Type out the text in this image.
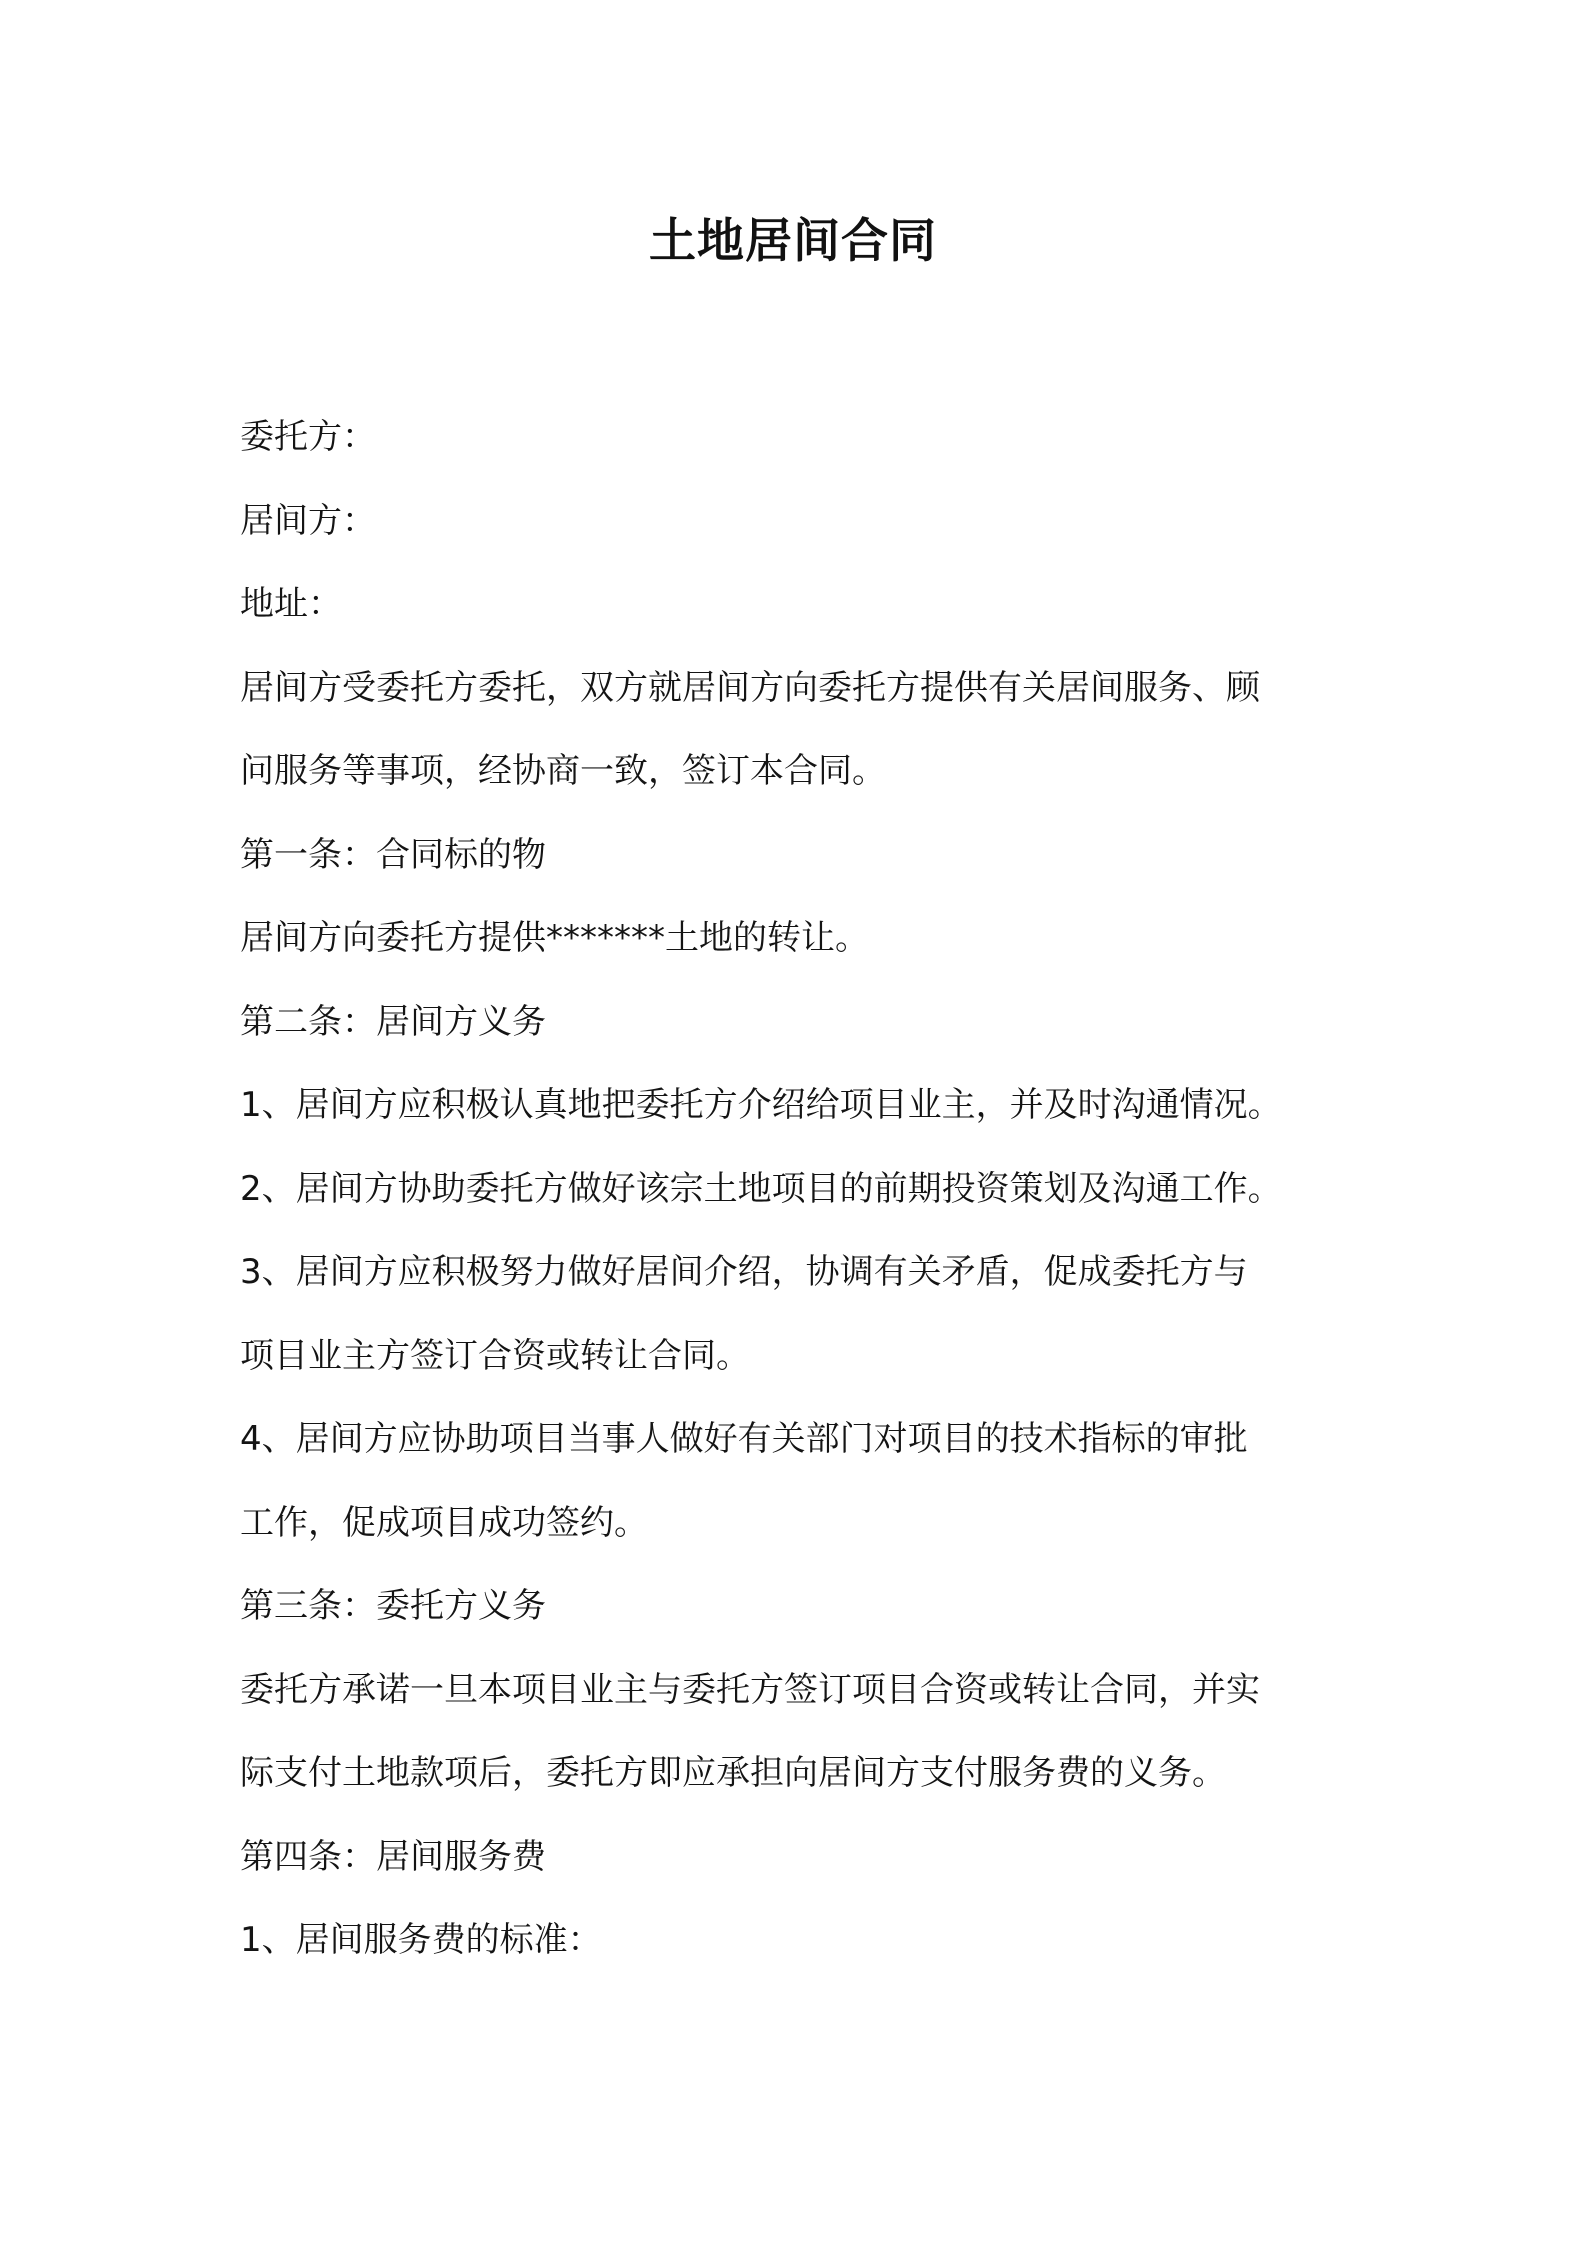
土地居间合同

委托方：

居间方：

地址：

居间方受委托方委托，双方就居间方向委托方提供有关居间服务、顾

问服务等事项，经协商一致，签订本合同。

第一条：合同标的物

居间方向委托方提供*******土地的转让。

第二条：居间方义务

1、居间方应积极认真地把委托方介绍给项目业主，并及时沟通情况。

2、居间方协助委托方做好该宗土地项目的前期投资策划及沟通工作。

3、居间方应积极努力做好居间介绍，协调有关矛盾，促成委托方与

项目业主方签订合资或转让合同。

4、居间方应协助项目当事人做好有关部门对项目的技术指标的审批

工作，促成项目成功签约。

第三条：委托方义务

委托方承诺一旦本项目业主与委托方签订项目合资或转让合同，并实

际支付土地款项后，委托方即应承担向居间方支付服务费的义务。

第四条：居间服务费

1、居间服务费的标准：
